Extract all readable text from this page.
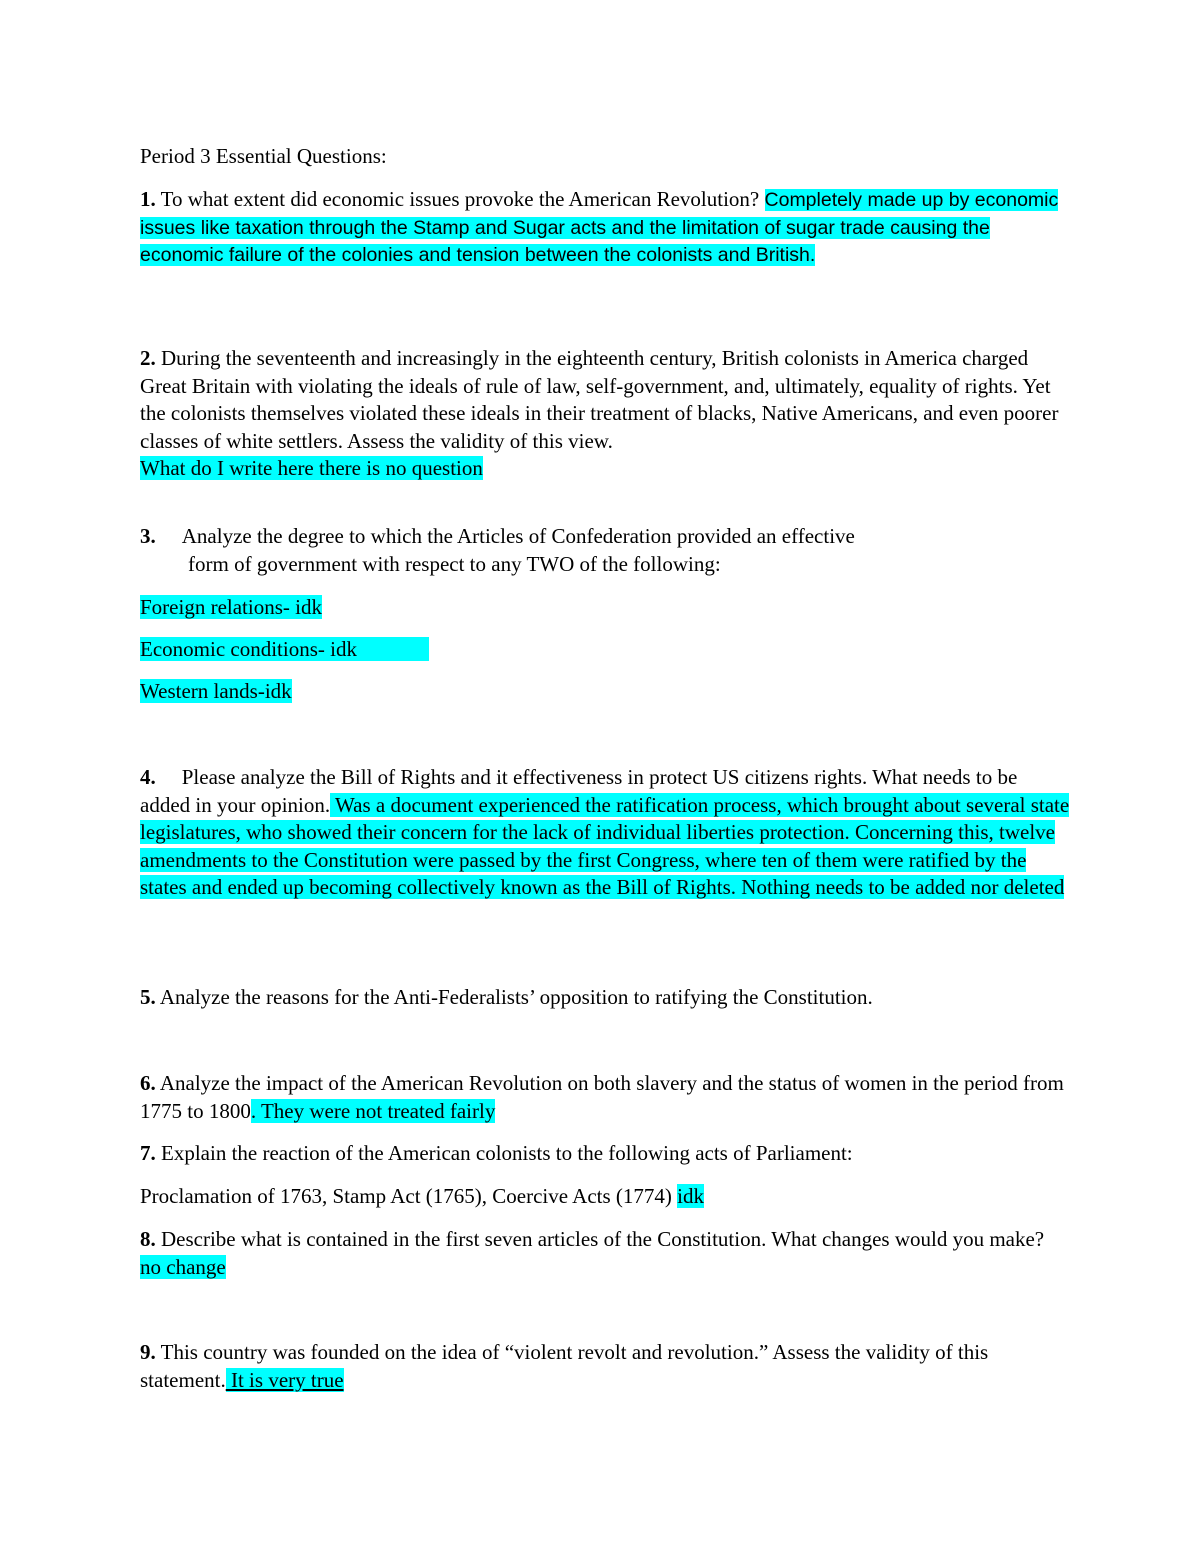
Period 3 Essential Questions:

1. To what extent did economic issues provoke the American Revolution? Completely made up by economic issues like taxation through the Stamp and Sugar acts and the limitation of sugar trade causing the economic failure of the colonies and tension between the colonists and British.

2. During the seventeenth and increasingly in the eighteenth century, British colonists in America charged Great Britain with violating the ideals of rule of law, self-government, and, ultimately, equality of rights. Yet the colonists themselves violated these ideals in their treatment of blacks, Native Americans, and even poorer classes of white settlers. Assess the validity of this view.
What do I write here there is no question

3. Analyze the degree to which the Articles of Confederation provided an effective
form of government with respect to any TWO of the following:

Foreign relations- idk

Economic conditions- idk

Western lands-idk

4. Please analyze the Bill of Rights and it effectiveness in protect US citizens rights. What needs to be added in your opinion. Was a document experienced the ratification process, which brought about several state legislatures, who showed their concern for the lack of individual liberties protection. Concerning this, twelve amendments to the Constitution were passed by the first Congress, where ten of them were ratified by the states and ended up becoming collectively known as the Bill of Rights. Nothing needs to be added nor deleted

5. Analyze the reasons for the Anti-Federalists’ opposition to ratifying the Constitution.

6. Analyze the impact of the American Revolution on both slavery and the status of women in the period from 1775 to 1800. They were not treated fairly

7. Explain the reaction of the American colonists to the following acts of Parliament:

Proclamation of 1763, Stamp Act (1765), Coercive Acts (1774) idk

8. Describe what is contained in the first seven articles of the Constitution. What changes would you make? no change

9. This country was founded on the idea of “violent revolt and revolution.” Assess the validity of this statement. It is very true
